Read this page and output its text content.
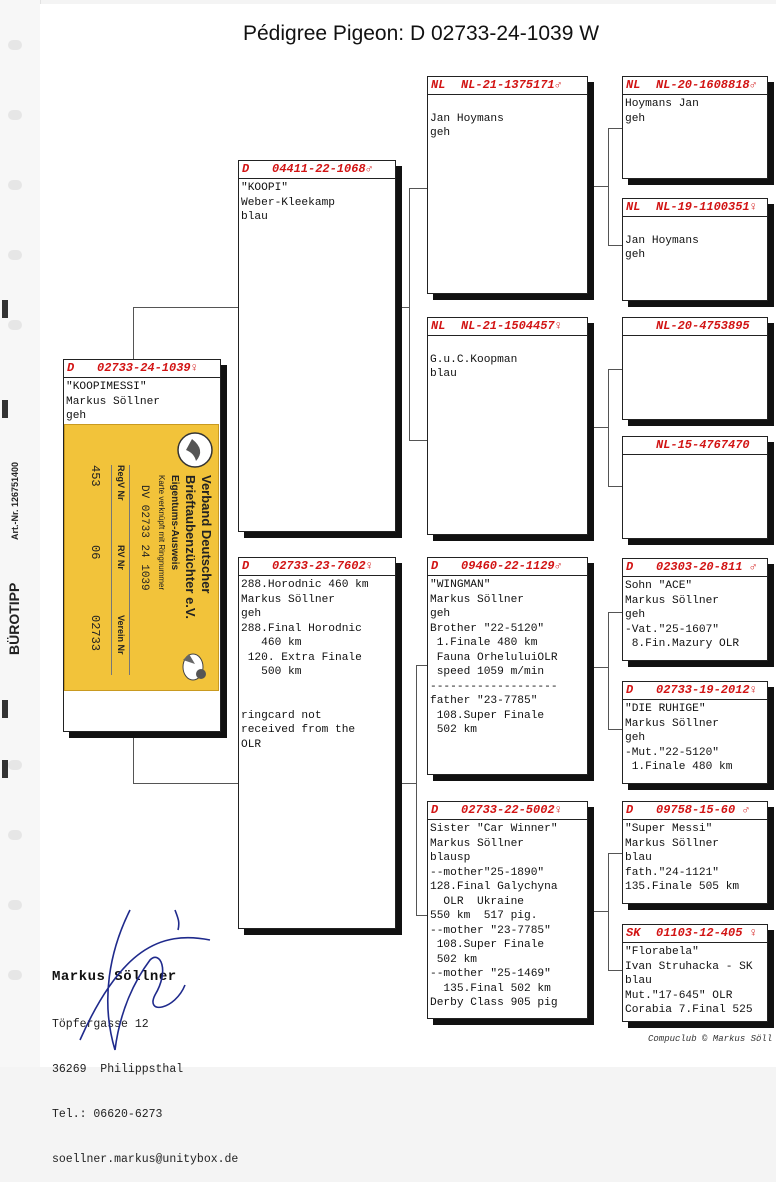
Art.-Nr. 126751400
BÜROTIPP
Pédigree Pigeon: D 02733-24-1039 W
D	02733-24-1039♀
"KOOPIMESSI"
Markus Söllner
geh
Verband Deutscher
Brieftaubenzüchter e.V.
Eigentums-Ausweis
Karte verknüpft mit Ringnummer
DV 02733 24 1039
RegV Nr
RV Nr
Verein Nr
453
06
02733
D	04411-22-1068♂
"KOOPI"
Weber-Kleekamp
blau
D	02733-23-7602♀
288.Horodnic 460 km
Markus Söllner
geh
288.Final Horodnic
460 km
120. Extra Finale
500 km

ringcard not
received from the
OLR
NL	NL-21-1375171♂

Jan Hoymans
geh
NL	NL-21-1504457♀

G.u.C.Koopman
blau
D	09460-22-1129♂
"WINGMAN"
Markus Söllner
geh
Brother "22-5120"
1.Finale 480 km
Fauna OrheluluiOLR
speed 1059 m/min
-------------------
father "23-7785"
108.Super Finale
502 km
D	02733-22-5002♀
Sister "Car Winner"
Markus Söllner
blausp
--mother"25-1890"
128.Final Galychyna
OLR  Ukraine
550 km  517 pig.
--mother "23-7785"
108.Super Finale
502 km
--mother "25-1469"
135.Final 502 km
Derby Class 905 pig
NL	NL-20-1608818♂
Hoymans Jan
geh
NL	NL-19-1100351♀

Jan Hoymans
geh
NL-20-4753895
NL-15-4767470
D	02303-20-811 ♂
Sohn "ACE"
Markus Söllner
geh
-Vat."25-1607"
8.Fin.Mazury OLR
D	02733-19-2012♀
"DIE RUHIGE"
Markus Söllner
geh
-Mut."22-5120"
1.Finale 480 km
D	09758-15-60 ♂
"Super Messi"
Markus Söllner
blau
fath."24-1121"
135.Finale 505 km
SK	01103-12-405 ♀
"Florabela"
Ivan Struhacka - SK
blau
Mut."17-645" OLR
Corabia 7.Final 525

Markus Söllner

Töpfergasse 12

36269  Philippsthal

Tel.: 06620-6273

soellner.markus@unitybox.de

Compuclub © Markus Söll
